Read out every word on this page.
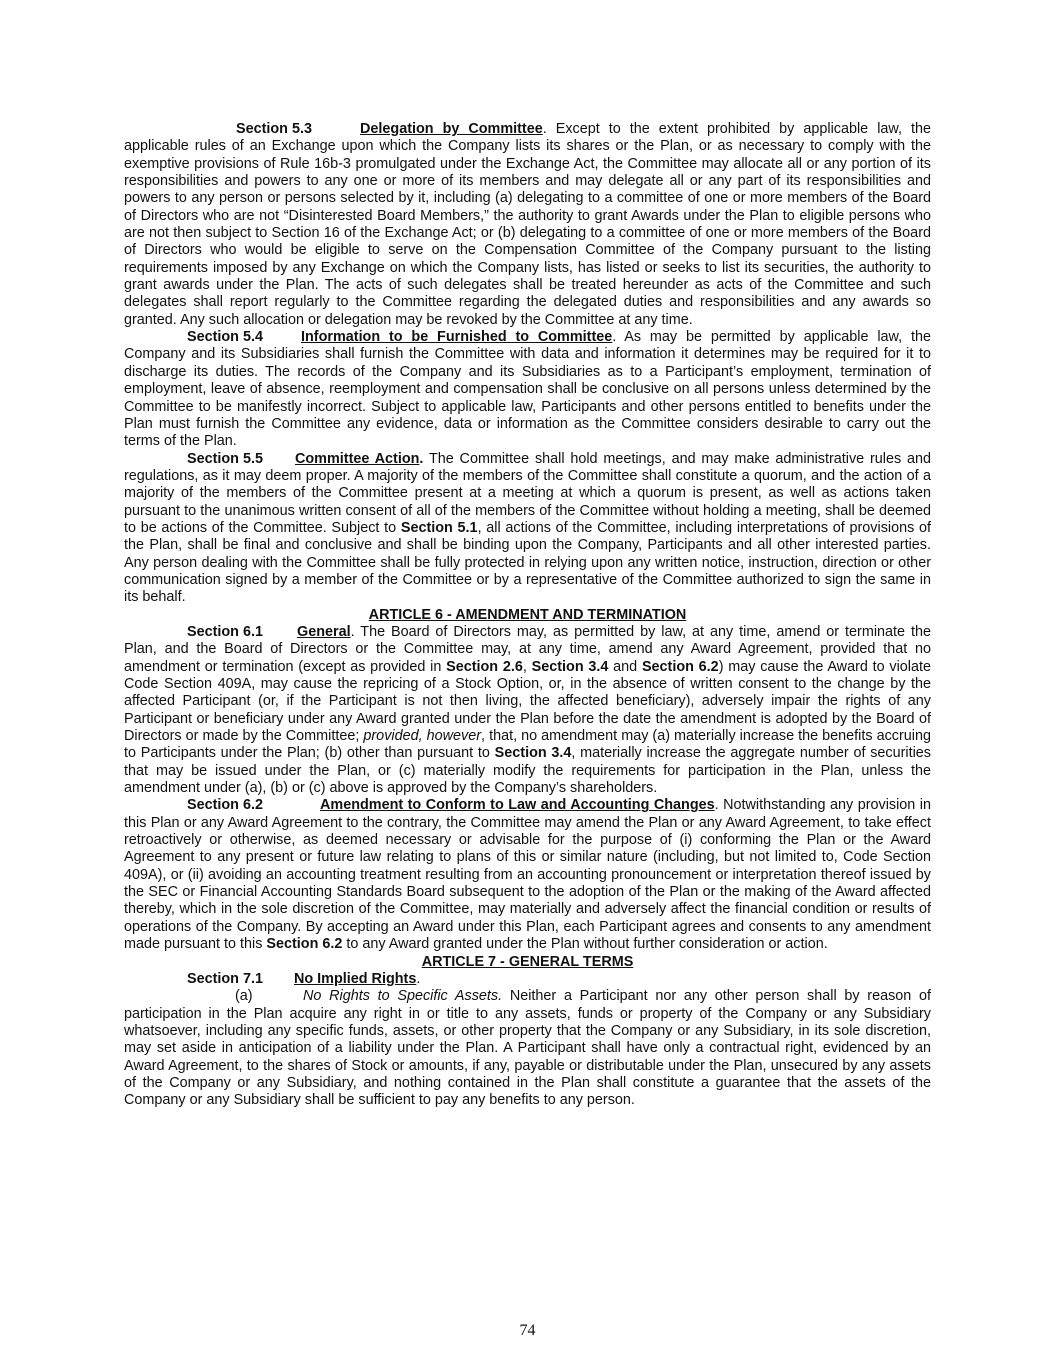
Section 5.3	Delegation by Committee. Except to the extent prohibited by applicable law, the applicable rules of an Exchange upon which the Company lists its shares or the Plan, or as necessary to comply with the exemptive provisions of Rule 16b-3 promulgated under the Exchange Act, the Committee may allocate all or any portion of its responsibilities and powers to any one or more of its members and may delegate all or any part of its responsibilities and powers to any person or persons selected by it, including (a) delegating to a committee of one or more members of the Board of Directors who are not “Disinterested Board Members,” the authority to grant Awards under the Plan to eligible persons who are not then subject to Section 16 of the Exchange Act; or (b) delegating to a committee of one or more members of the Board of Directors who would be eligible to serve on the Compensation Committee of the Company pursuant to the listing requirements imposed by any Exchange on which the Company lists, has listed or seeks to list its securities, the authority to grant awards under the Plan. The acts of such delegates shall be treated hereunder as acts of the Committee and such delegates shall report regularly to the Committee regarding the delegated duties and responsibilities and any awards so granted. Any such allocation or delegation may be revoked by the Committee at any time.

Section 5.4	Information to be Furnished to Committee. As may be permitted by applicable law, the Company and its Subsidiaries shall furnish the Committee with data and information it determines may be required for it to discharge its duties. The records of the Company and its Subsidiaries as to a Participant’s employment, termination of employment, leave of absence, reemployment and compensation shall be conclusive on all persons unless determined by the Committee to be manifestly incorrect. Subject to applicable law, Participants and other persons entitled to benefits under the Plan must furnish the Committee any evidence, data or information as the Committee considers desirable to carry out the terms of the Plan.

Section 5.5 Committee Action. The Committee shall hold meetings, and may make administrative rules and regulations, as it may deem proper. A majority of the members of the Committee shall constitute a quorum, and the action of a majority of the members of the Committee present at a meeting at which a quorum is present, as well as actions taken pursuant to the unanimous written consent of all of the members of the Committee without holding a meeting, shall be deemed to be actions of the Committee. Subject to Section 5.1, all actions of the Committee, including interpretations of provisions of the Plan, shall be final and conclusive and shall be binding upon the Company, Participants and all other interested parties. Any person dealing with the Committee shall be fully protected in relying upon any written notice, instruction, direction or other communication signed by a member of the Committee or by a representative of the Committee authorized to sign the same in its behalf.

ARTICLE 6 - AMENDMENT AND TERMINATION

Section 6.1 General. The Board of Directors may, as permitted by law, at any time, amend or terminate the Plan, and the Board of Directors or the Committee may, at any time, amend any Award Agreement, provided that no amendment or termination (except as provided in Section 2.6, Section 3.4 and Section 6.2) may cause the Award to violate Code Section 409A, may cause the repricing of a Stock Option, or, in the absence of written consent to the change by the affected Participant (or, if the Participant is not then living, the affected beneficiary), adversely impair the rights of any Participant or beneficiary under any Award granted under the Plan before the date the amendment is adopted by the Board of Directors or made by the Committee; provided, however, that, no amendment may (a) materially increase the benefits accruing to Participants under the Plan; (b) other than pursuant to Section 3.4, materially increase the aggregate number of securities that may be issued under the Plan, or (c) materially modify the requirements for participation in the Plan, unless the amendment under (a), (b) or (c) above is approved by the Company’s shareholders.

Section 6.2	Amendment to Conform to Law and Accounting Changes. Notwithstanding any provision in this Plan or any Award Agreement to the contrary, the Committee may amend the Plan or any Award Agreement, to take effect retroactively or otherwise, as deemed necessary or advisable for the purpose of (i) conforming the Plan or the Award Agreement to any present or future law relating to plans of this or similar nature (including, but not limited to, Code Section 409A), or (ii) avoiding an accounting treatment resulting from an accounting pronouncement or interpretation thereof issued by the SEC or Financial Accounting Standards Board subsequent to the adoption of the Plan or the making of the Award affected thereby, which in the sole discretion of the Committee, may materially and adversely affect the financial condition or results of operations of the Company. By accepting an Award under this Plan, each Participant agrees and consents to any amendment made pursuant to this Section 6.2 to any Award granted under the Plan without further consideration or action.

ARTICLE 7 - GENERAL TERMS

Section 7.1 No Implied Rights.

(a)	No Rights to Specific Assets. Neither a Participant nor any other person shall by reason of participation in the Plan acquire any right in or title to any assets, funds or property of the Company or any Subsidiary whatsoever, including any specific funds, assets, or other property that the Company or any Subsidiary, in its sole discretion, may set aside in anticipation of a liability under the Plan. A Participant shall have only a contractual right, evidenced by an Award Agreement, to the shares of Stock or amounts, if any, payable or distributable under the Plan, unsecured by any assets of the Company or any Subsidiary, and nothing contained in the Plan shall constitute a guarantee that the assets of the Company or any Subsidiary shall be sufficient to pay any benefits to any person.

74
